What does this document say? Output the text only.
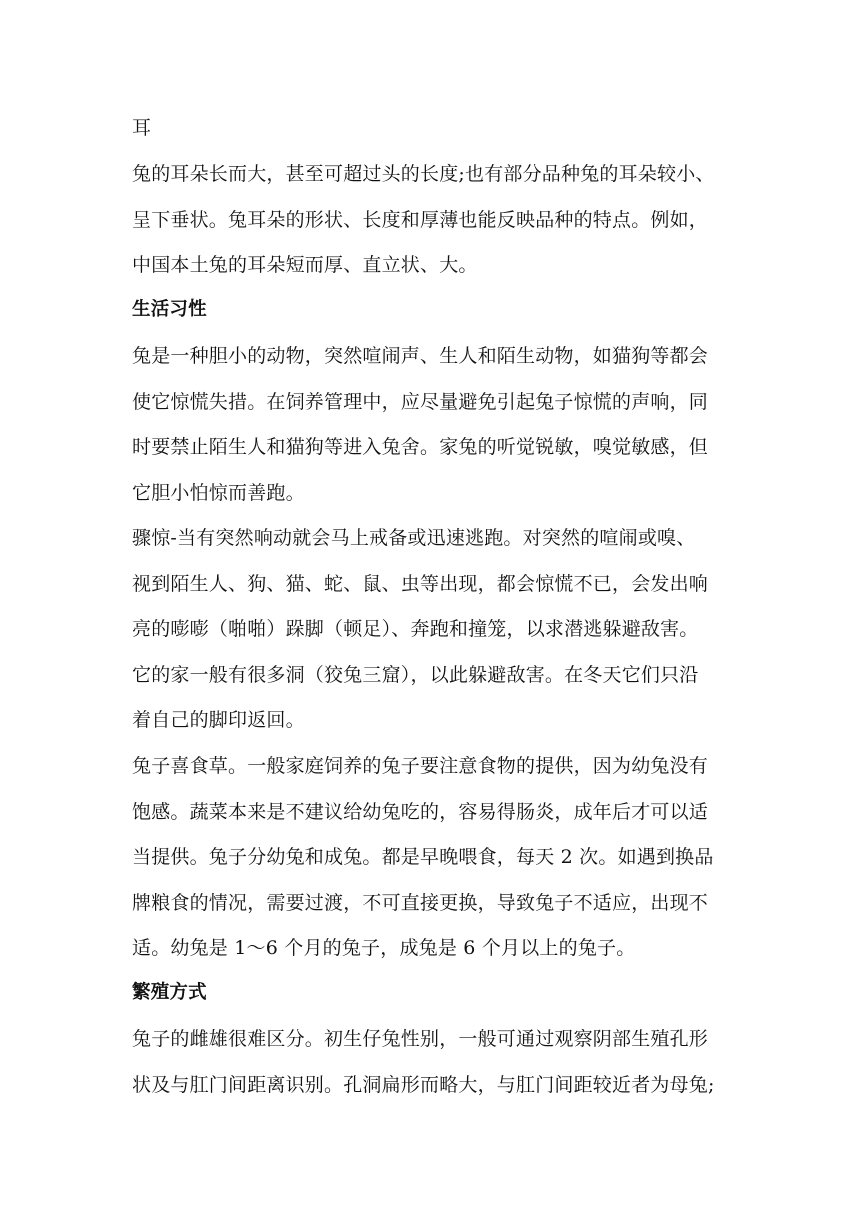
耳
兔的耳朵长而大，甚至可超过头的长度;也有部分品种兔的耳朵较小、
呈下垂状。兔耳朵的形状、长度和厚薄也能反映品种的特点。例如，
中国本土兔的耳朵短而厚、直立状、大。
生活习性
兔是一种胆小的动物，突然喧闹声、生人和陌生动物，如猫狗等都会
使它惊慌失措。在饲养管理中，应尽量避免引起兔子惊慌的声响，同
时要禁止陌生人和猫狗等进入兔舍。家兔的听觉锐敏，嗅觉敏感，但
它胆小怕惊而善跑。
骤惊-当有突然响动就会马上戒备或迅速逃跑。对突然的喧闹或嗅、
视到陌生人、狗、猫、蛇、鼠、虫等出现，都会惊慌不已，会发出响
亮的嘭嘭（啪啪）跺脚（顿足）、奔跑和撞笼，以求潜逃躲避敌害。
它的家一般有很多洞（狡兔三窟），以此躲避敌害。在冬天它们只沿
着自己的脚印返回。
兔子喜食草。一般家庭饲养的兔子要注意食物的提供，因为幼兔没有
饱感。蔬菜本来是不建议给幼兔吃的，容易得肠炎，成年后才可以适
当提供。兔子分幼兔和成兔。都是早晚喂食，每天 2 次。如遇到换品
牌粮食的情况，需要过渡，不可直接更换，导致兔子不适应，出现不
适。幼兔是 1～6 个月的兔子，成兔是 6 个月以上的兔子。
繁殖方式
兔子的雌雄很难区分。初生仔兔性别，一般可通过观察阴部生殖孔形
状及与肛门间距离识别。孔洞扁形而略大，与肛门间距较近者为母兔;
